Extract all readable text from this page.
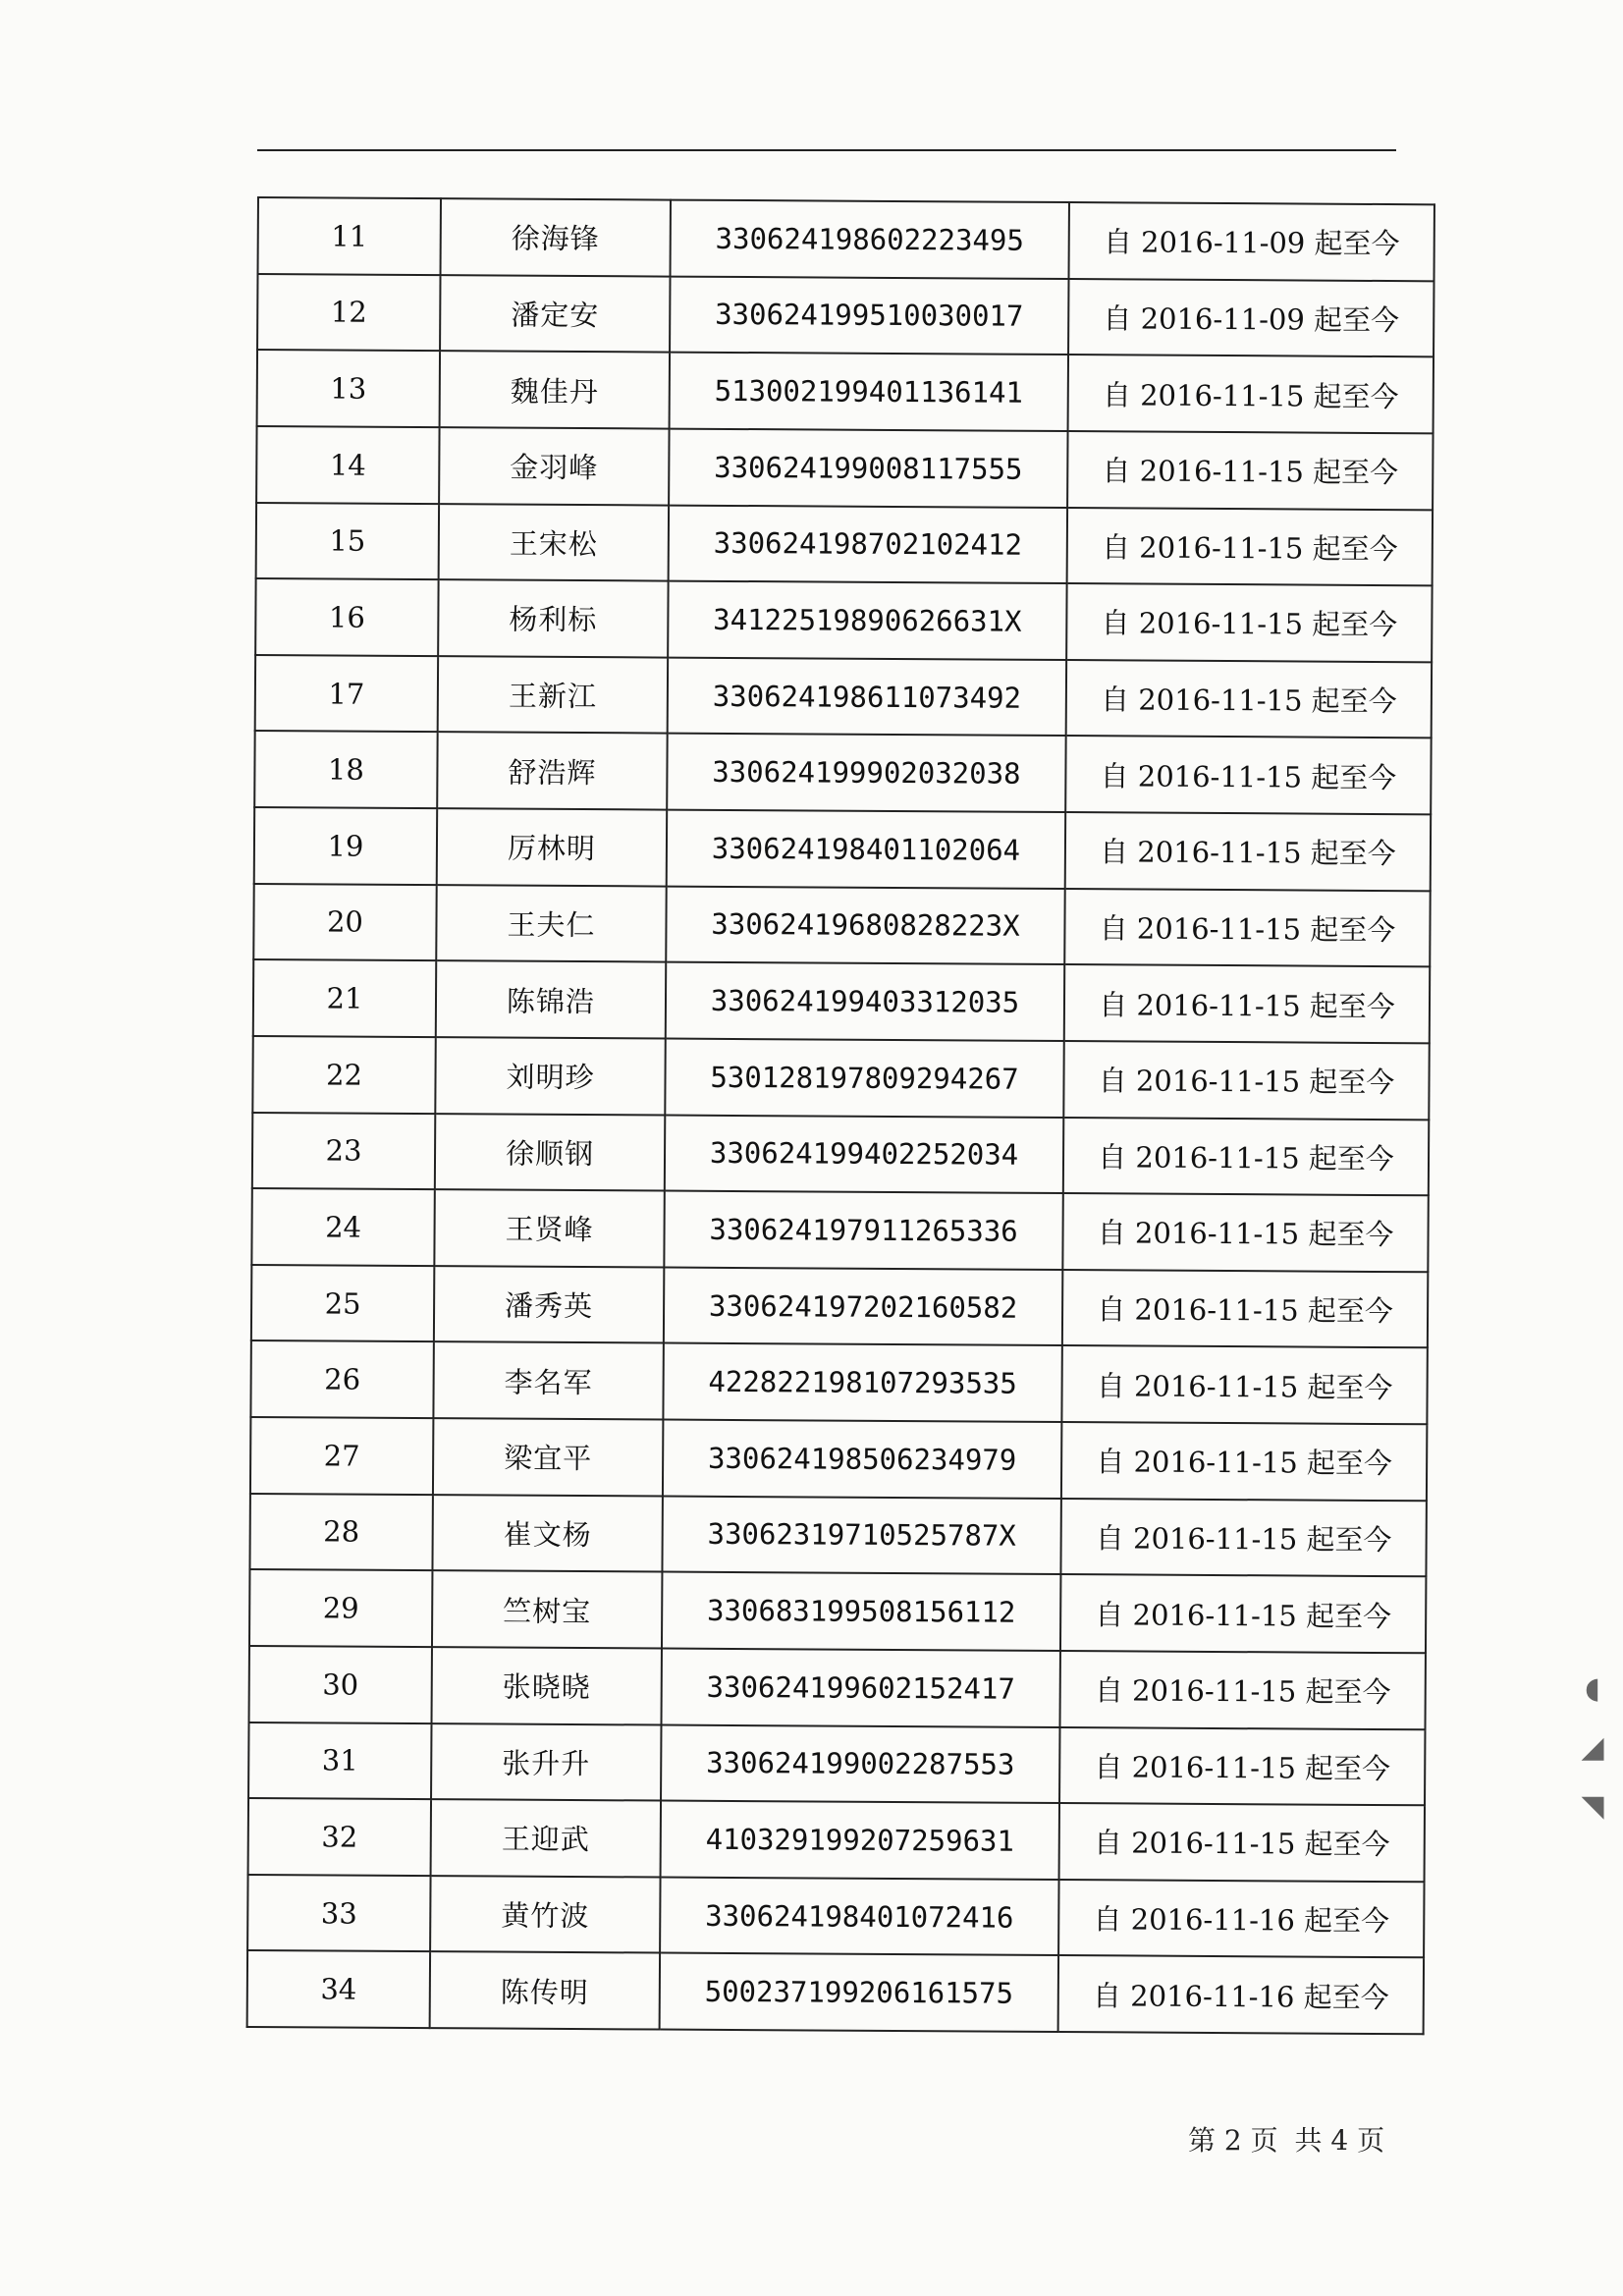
11	徐海锋	330624198602223495	自 2016-11-09 起至今
12	潘定安	330624199510030017	自 2016-11-09 起至今
13	魏佳丹	513002199401136141	自 2016-11-15 起至今
14	金羽峰	330624199008117555	自 2016-11-15 起至今
15	王宋松	330624198702102412	自 2016-11-15 起至今
16	杨利标	34122519890626631X	自 2016-11-15 起至今
17	王新江	330624198611073492	自 2016-11-15 起至今
18	舒浩辉	330624199902032038	自 2016-11-15 起至今
19	厉林明	330624198401102064	自 2016-11-15 起至今
20	王夫仁	33062419680828223X	自 2016-11-15 起至今
21	陈锦浩	330624199403312035	自 2016-11-15 起至今
22	刘明珍	530128197809294267	自 2016-11-15 起至今
23	徐顺钢	330624199402252034	自 2016-11-15 起至今
24	王贤峰	330624197911265336	自 2016-11-15 起至今
25	潘秀英	330624197202160582	自 2016-11-15 起至今
26	李名军	422822198107293535	自 2016-11-15 起至今
27	梁宜平	330624198506234979	自 2016-11-15 起至今
28	崔文杨	33062319710525787X	自 2016-11-15 起至今
29	竺树宝	330683199508156112	自 2016-11-15 起至今
30	张晓晓	330624199602152417	自 2016-11-15 起至今
31	张升升	330624199002287553	自 2016-11-15 起至今
32	王迎武	410329199207259631	自 2016-11-15 起至今
33	黄竹波	330624198401072416	自 2016-11-16 起至今
34	陈传明	500237199206161575	自 2016-11-16 起至今
第 2 页 共 4 页
◖
◢
◥
